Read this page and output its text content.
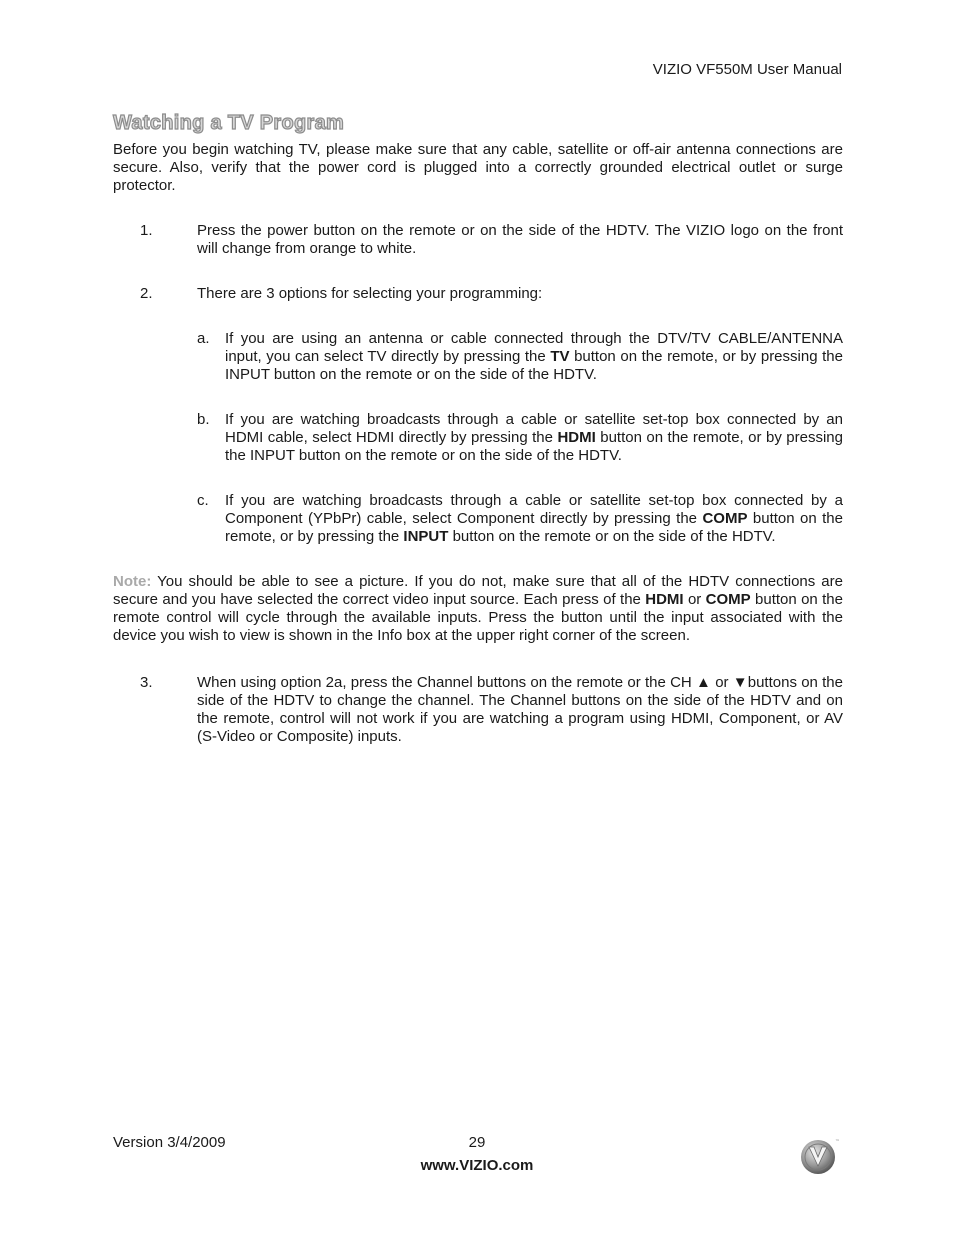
VIZIO VF550M User Manual
Watching a TV Program
Before you begin watching TV, please make sure that any cable, satellite or off-air antenna connections are secure. Also, verify that the power cord is plugged into a correctly grounded electrical outlet or surge protector.
1.	Press the power button on the remote or on the side of the HDTV. The VIZIO logo on the front will change from orange to white.
2.	There are 3 options for selecting your programming:
a. If you are using an antenna or cable connected through the DTV/TV CABLE/ANTENNA input, you can select TV directly by pressing the TV button on the remote, or by pressing the INPUT button on the remote or on the side of the HDTV.
b. If you are watching broadcasts through a cable or satellite set-top box connected by an HDMI cable, select HDMI directly by pressing the HDMI button on the remote, or by pressing the INPUT button on the remote or on the side of the HDTV.
c. If you are watching broadcasts through a cable or satellite set-top box connected by a Component (YPbPr) cable, select Component directly by pressing the COMP button on the remote, or by pressing the INPUT button on the remote or on the side of the HDTV.
Note: You should be able to see a picture. If you do not, make sure that all of the HDTV connections are secure and you have selected the correct video input source. Each press of the HDMI or COMP button on the remote control will cycle through the available inputs. Press the button until the input associated with the device you wish to view is shown in the Info box at the upper right corner of the screen.
3.	When using option 2a, press the Channel buttons on the remote or the CH ▲ or ▼buttons on the side of the HDTV to change the channel. The Channel buttons on the side of the HDTV and on the remote, control will not work if you are watching a program using HDMI, Component, or AV (S-Video or Composite) inputs.
Version 3/4/2009	29
www.VIZIO.com
™
